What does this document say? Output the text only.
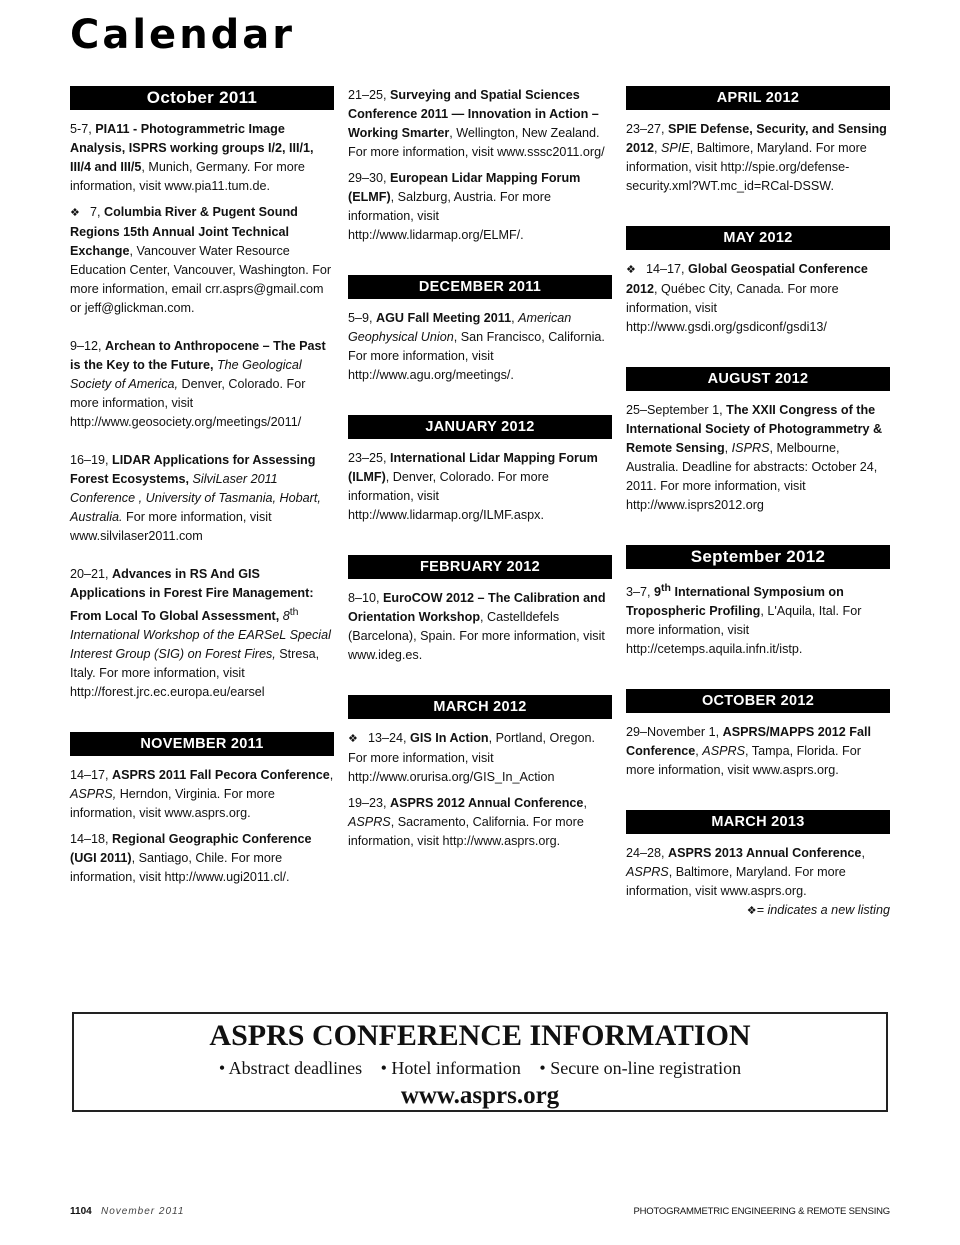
Calendar
October 2011

5-7, PIA11 - Photogrammetric Image Analysis, ISPRS working groups I/2, III/1, III/4 and III/5, Munich, Germany. For more information, visit www.pia11.tum.de.

❖ 7, Columbia River & Pugent Sound Regions 15th Annual Joint Technical Exchange, Vancouver Water Resource Education Center, Vancouver, Washington. For more information, email crr.asprs@gmail.com or jeff@glickman.com.

9–12, Archean to Anthropocene – The Past is the Key to the Future, The Geological Society of America, Denver, Colorado. For more information, visit http://www.geosociety.org/meetings/2011/

16–19, LIDAR Applications for Assessing Forest Ecosystems, SilviLaser 2011 Conference , University of Tasmania, Hobart, Australia. For more information, visit www.silvilaser2011.com

20–21, Advances in RS And GIS Applications in Forest Fire Management: From Local To Global Assessment, 8th International Workshop of the EARSeL Special Interest Group (SIG) on Forest Fires, Stresa, Italy. For more information, visit http://forest.jrc.ec.europa.eu/earsel

NOVEMBER 2011

14–17, ASPRS 2011 Fall Pecora Conference, ASPRS, Herndon, Virginia. For more information, visit www.asprs.org.

14–18, Regional Geographic Conference (UGI 2011), Santiago, Chile. For more information, visit http://www.ugi2011.cl/.

21–25, Surveying and Spatial Sciences Conference 2011 — Innovation in Action – Working Smarter, Wellington, New Zealand. For more information, visit www.sssc2011.org/

29–30, European Lidar Mapping Forum (ELMF), Salzburg, Austria. For more information, visit http://www.lidarmap.org/ELMF/.

DECEMBER 2011

5–9, AGU Fall Meeting 2011, American Geophysical Union, San Francisco, California. For more information, visit http://www.agu.org/meetings/.

JANUARY 2012

23–25, International Lidar Mapping Forum (ILMF), Denver, Colorado. For more information, visit http://www.lidarmap.org/ILMF.aspx.

FEBRUARY 2012

8–10, EuroCOW 2012 – The Calibration and Orientation Workshop, Castelldefels (Barcelona), Spain. For more information, visit www.ideg.es.

MARCH 2012

❖ 13–24, GIS In Action, Portland, Oregon. For more information, visit http://www.orurisa.org/GIS_In_Action

19–23, ASPRS 2012 Annual Conference, ASPRS, Sacramento, California. For more information, visit http://www.asprs.org.

APRIL 2012

23–27, SPIE Defense, Security, and Sensing 2012, SPIE, Baltimore, Maryland. For more information, visit http://spie.org/defense-security.xml?WT.mc_id=RCal-DSSW.

MAY 2012

❖ 14–17, Global Geospatial Conference 2012, Québec City, Canada. For more information, visit http://www.gsdi.org/gsdiconf/gsdi13/

AUGUST 2012

25–September 1, The XXII Congress of the International Society of Photogrammetry & Remote Sensing, ISPRS, Melbourne, Australia. Deadline for abstracts: October 24, 2011. For more information, visit http://www.isprs2012.org

September 2012

3–7, 9th International Symposium on Tropospheric Profiling, L'Aquila, Ital. For more information, visit http://cetemps.aquila.infn.it/istp.

OCTOBER 2012

29–November 1, ASPRS/MAPPS 2012 Fall Conference, ASPRS, Tampa, Florida. For more information, visit www.asprs.org.

MARCH 2013

24–28, ASPRS 2013 Annual Conference, ASPRS, Baltimore, Maryland. For more information, visit www.asprs.org.

❖= indicates a new listing
ASPRS CONFERENCE INFORMATION
• Abstract deadlines • Hotel information • Secure on-line registration
www.asprs.org
1104 November 2011	PHOTOGRAMMETRIC ENGINEERING & REMOTE SENSING
